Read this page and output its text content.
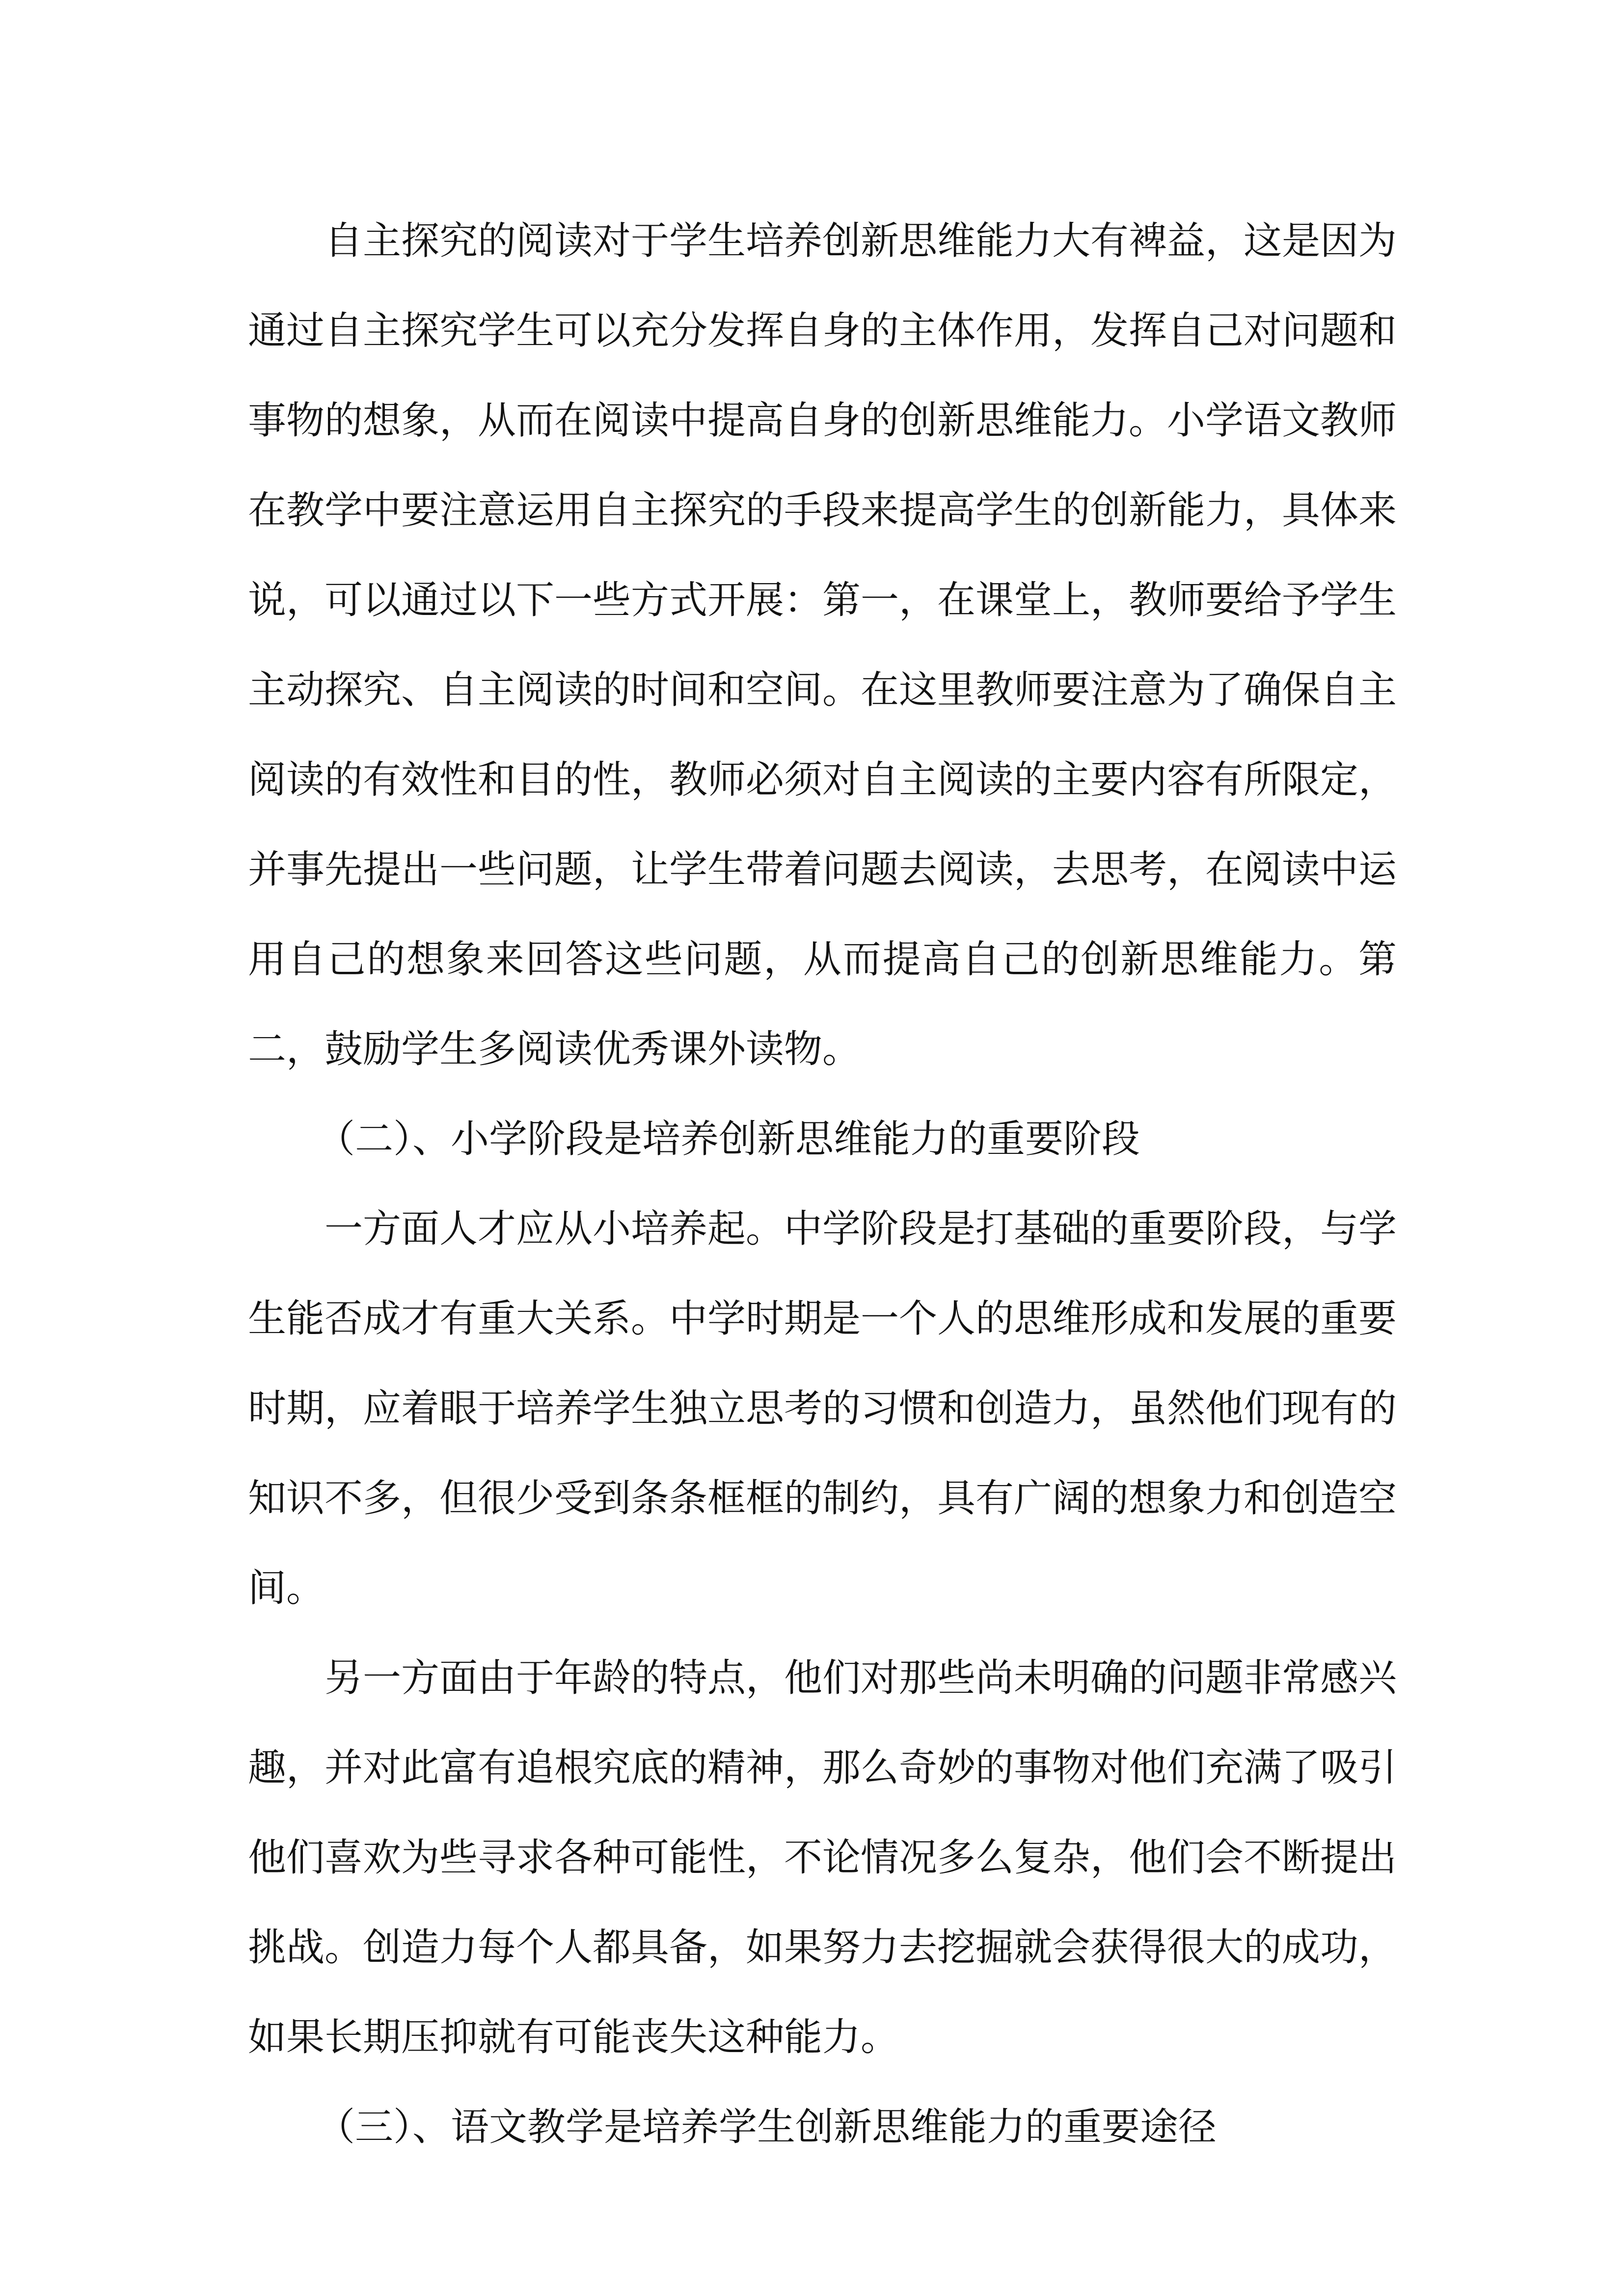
自主探究的阅读对于学生培养创新思维能力大有裨益，这是因为通过自主探究学生可以充分发挥自身的主体作用，发挥自己对问题和事物的想象，从而在阅读中提高自身的创新思维能力。小学语文教师在教学中要注意运用自主探究的手段来提高学生的创新能力，具体来说，可以通过以下一些方式开展：第一，在课堂上，教师要给予学生主动探究、自主阅读的时间和空间。在这里教师要注意为了确保自主阅读的有效性和目的性，教师必须对自主阅读的主要内容有所限定，并事先提出一些问题，让学生带着问题去阅读，去思考，在阅读中运用自己的想象来回答这些问题，从而提高自己的创新思维能力。第二，鼓励学生多阅读优秀课外读物。

（二）、小学阶段是培养创新思维能力的重要阶段

一方面人才应从小培养起。中学阶段是打基础的重要阶段，与学生能否成才有重大关系。中学时期是一个人的思维形成和发展的重要时期，应着眼于培养学生独立思考的习惯和创造力，虽然他们现有的知识不多，但很少受到条条框框的制约，具有广阔的想象力和创造空间。

另一方面由于年龄的特点，他们对那些尚未明确的问题非常感兴趣，并对此富有追根究底的精神，那么奇妙的事物对他们充满了吸引他们喜欢为些寻求各种可能性，不论情况多么复杂，他们会不断提出挑战。创造力每个人都具备，如果努力去挖掘就会获得很大的成功，如果长期压抑就有可能丧失这种能力。

（三）、语文教学是培养学生创新思维能力的重要途径
